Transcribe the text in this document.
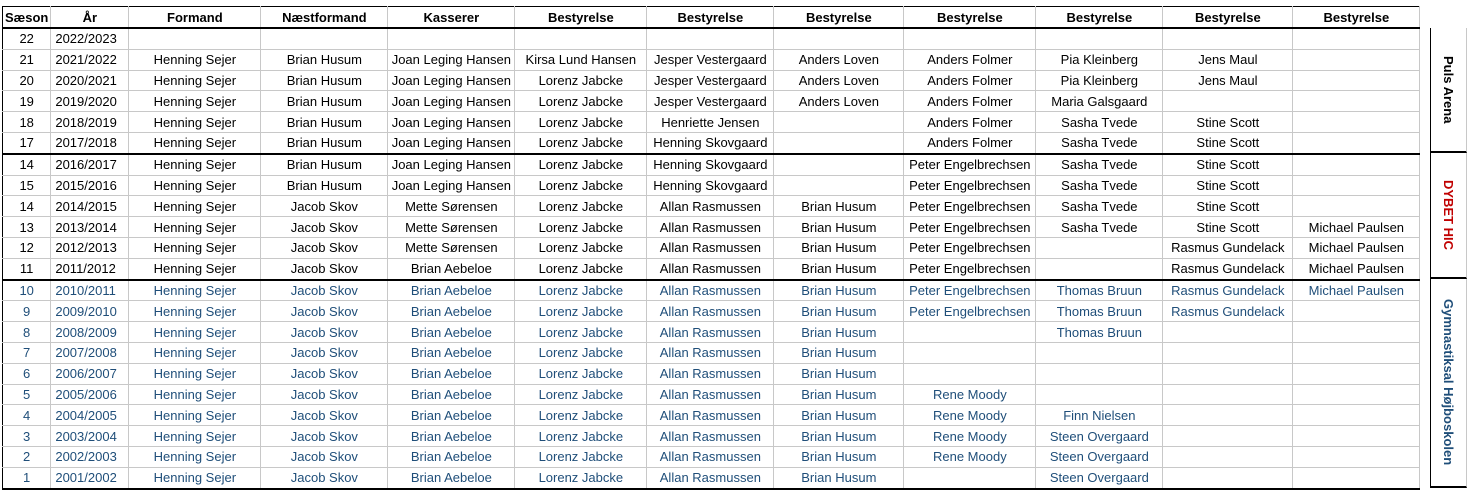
Sæson	År	Formand	Næstformand	Kasserer	Bestyrelse	Bestyrelse	Bestyrelse	Bestyrelse	Bestyrelse	Bestyrelse	Bestyrelse
22	2022/2023										
21	2021/2022	Henning Sejer	Brian Husum	Joan Leging Hansen	Kirsa Lund Hansen	Jesper Vestergaard	Anders Loven	Anders Folmer	Pia Kleinberg	Jens Maul	
20	2020/2021	Henning Sejer	Brian Husum	Joan Leging Hansen	Lorenz Jabcke	Jesper Vestergaard	Anders Loven	Anders Folmer	Pia Kleinberg	Jens Maul	
19	2019/2020	Henning Sejer	Brian Husum	Joan Leging Hansen	Lorenz Jabcke	Jesper Vestergaard	Anders Loven	Anders Folmer	Maria Galsgaard		
18	2018/2019	Henning Sejer	Brian Husum	Joan Leging Hansen	Lorenz Jabcke	Henriette Jensen		Anders Folmer	Sasha Tvede	Stine Scott	
17	2017/2018	Henning Sejer	Brian Husum	Joan Leging Hansen	Lorenz Jabcke	Henning Skovgaard		Anders Folmer	Sasha Tvede	Stine Scott	
14	2016/2017	Henning Sejer	Brian Husum	Joan Leging Hansen	Lorenz Jabcke	Henning Skovgaard		Peter Engelbrechsen	Sasha Tvede	Stine Scott	
15	2015/2016	Henning Sejer	Brian Husum	Joan Leging Hansen	Lorenz Jabcke	Henning Skovgaard		Peter Engelbrechsen	Sasha Tvede	Stine Scott	
14	2014/2015	Henning Sejer	Jacob Skov	Mette Sørensen	Lorenz Jabcke	Allan Rasmussen	Brian Husum	Peter Engelbrechsen	Sasha Tvede	Stine Scott	
13	2013/2014	Henning Sejer	Jacob Skov	Mette Sørensen	Lorenz Jabcke	Allan Rasmussen	Brian Husum	Peter Engelbrechsen	Sasha Tvede	Stine Scott	Michael Paulsen
12	2012/2013	Henning Sejer	Jacob Skov	Mette Sørensen	Lorenz Jabcke	Allan Rasmussen	Brian Husum	Peter Engelbrechsen		Rasmus Gundelack	Michael Paulsen
11	2011/2012	Henning Sejer	Jacob Skov	Brian Aebeloe	Lorenz Jabcke	Allan Rasmussen	Brian Husum	Peter Engelbrechsen		Rasmus Gundelack	Michael Paulsen
10	2010/2011	Henning Sejer	Jacob Skov	Brian Aebeloe	Lorenz Jabcke	Allan Rasmussen	Brian Husum	Peter Engelbrechsen	Thomas Bruun	Rasmus Gundelack	Michael Paulsen
9	2009/2010	Henning Sejer	Jacob Skov	Brian Aebeloe	Lorenz Jabcke	Allan Rasmussen	Brian Husum	Peter Engelbrechsen	Thomas Bruun	Rasmus Gundelack	
8	2008/2009	Henning Sejer	Jacob Skov	Brian Aebeloe	Lorenz Jabcke	Allan Rasmussen	Brian Husum		Thomas Bruun		
7	2007/2008	Henning Sejer	Jacob Skov	Brian Aebeloe	Lorenz Jabcke	Allan Rasmussen	Brian Husum				
6	2006/2007	Henning Sejer	Jacob Skov	Brian Aebeloe	Lorenz Jabcke	Allan Rasmussen	Brian Husum				
5	2005/2006	Henning Sejer	Jacob Skov	Brian Aebeloe	Lorenz Jabcke	Allan Rasmussen	Brian Husum	Rene Moody			
4	2004/2005	Henning Sejer	Jacob Skov	Brian Aebeloe	Lorenz Jabcke	Allan Rasmussen	Brian Husum	Rene Moody	Finn Nielsen		
3	2003/2004	Henning Sejer	Jacob Skov	Brian Aebeloe	Lorenz Jabcke	Allan Rasmussen	Brian Husum	Rene Moody	Steen Overgaard		
2	2002/2003	Henning Sejer	Jacob Skov	Brian Aebeloe	Lorenz Jabcke	Allan Rasmussen	Brian Husum	Rene Moody	Steen Overgaard		
1	2001/2002	Henning Sejer	Jacob Skov	Brian Aebeloe	Lorenz Jabcke	Allan Rasmussen	Brian Husum		Steen Overgaard		
Puls Arena
DYBET HIC
Gymnastiksal Højboskolen
